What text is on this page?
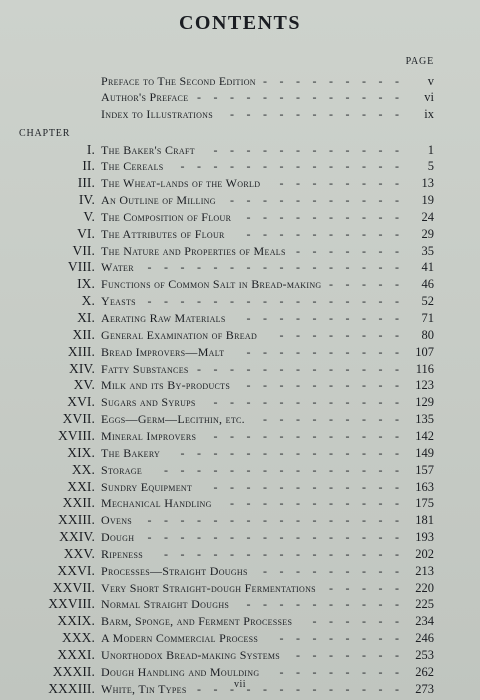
CONTENTS
PAGE
Preface to The Second Edition	v
-
-
-
-
-
-
-
-
-
Author's Preface	vi
-
-
-
-
-
-
-
-
-
-
-
-
-
Index to Illustrations	ix
-
-
-
-
-
-
-
-
-
-
-
CHAPTER
I. The Baker's Craft	1
-
-
-
-
-
-
-
-
-
-
-
-
II. The Cereals	5
-
-
-
-
-
-
-
-
-
-
-
-
-
-
III. The Wheat-lands of the World	13
-
-
-
-
-
-
-
-
IV. An Outline of Milling	19
-
-
-
-
-
-
-
-
-
-
-
V. The Composition of Flour	24
-
-
-
-
-
-
-
-
-
-
VI. The Attributes of Flour	29
-
-
-
-
-
-
-
-
-
-
VII. The Nature and Properties of Meals	35
-
-
-
-
-
-
-
VIII. Water	41
-
-
-
-
-
-
-
-
-
-
-
-
-
-
-
-
IX. Functions of Common Salt in Bread-making	46
-
-
-
-
-
X. Yeasts	52
-
-
-
-
-
-
-
-
-
-
-
-
-
-
-
-
XI. Aerating Raw Materials	71
-
-
-
-
-
-
-
-
-
-
XII. General Examination of Bread	80
-
-
-
-
-
-
-
-
XIII. Bread Improvers—Malt	107
-
-
-
-
-
-
-
-
-
-
XIV. Fatty Substances	116
-
-
-
-
-
-
-
-
-
-
-
-
-
XV. Milk and its By-products	123
-
-
-
-
-
-
-
-
-
-
XVI. Sugars and Syrups	129
-
-
-
-
-
-
-
-
-
-
-
-
XVII. Eggs—Germ—Lecithin, etc.	135
-
-
-
-
-
-
-
-
-
XVIII. Mineral Improvers	142
-
-
-
-
-
-
-
-
-
-
-
-
XIX. The Bakery	149
-
-
-
-
-
-
-
-
-
-
-
-
-
-
XX. Storage	157
-
-
-
-
-
-
-
-
-
-
-
-
-
-
-
XXI. Sundry Equipment	163
-
-
-
-
-
-
-
-
-
-
-
-
XXII. Mechanical Handling	175
-
-
-
-
-
-
-
-
-
-
-
XXIII. Ovens	181
-
-
-
-
-
-
-
-
-
-
-
-
-
-
-
-
XXIV. Dough	193
-
-
-
-
-
-
-
-
-
-
-
-
-
-
-
-
XXV. Ripeness	202
-
-
-
-
-
-
-
-
-
-
-
-
-
-
-
XXVI. Processes—Straight Doughs	213
-
-
-
-
-
-
-
-
-
XXVII. Very Short Straight-dough Fermentations	220
-
-
-
-
-
XXVIII. Normal Straight Doughs	225
-
-
-
-
-
-
-
-
-
-
XXIX. Barm, Sponge, and Ferment Processes	234
-
-
-
-
-
-
XXX. A Modern Commercial Process	246
-
-
-
-
-
-
-
-
XXXI. Unorthodox Bread-making Systems	253
-
-
-
-
-
-
-
XXXII. Dough Handling and Moulding	262
-
-
-
-
-
-
-
-
XXXIII. White, Tin Types	273
-
-
-
-
-
-
-
-
-
-
-
-
-	vii
